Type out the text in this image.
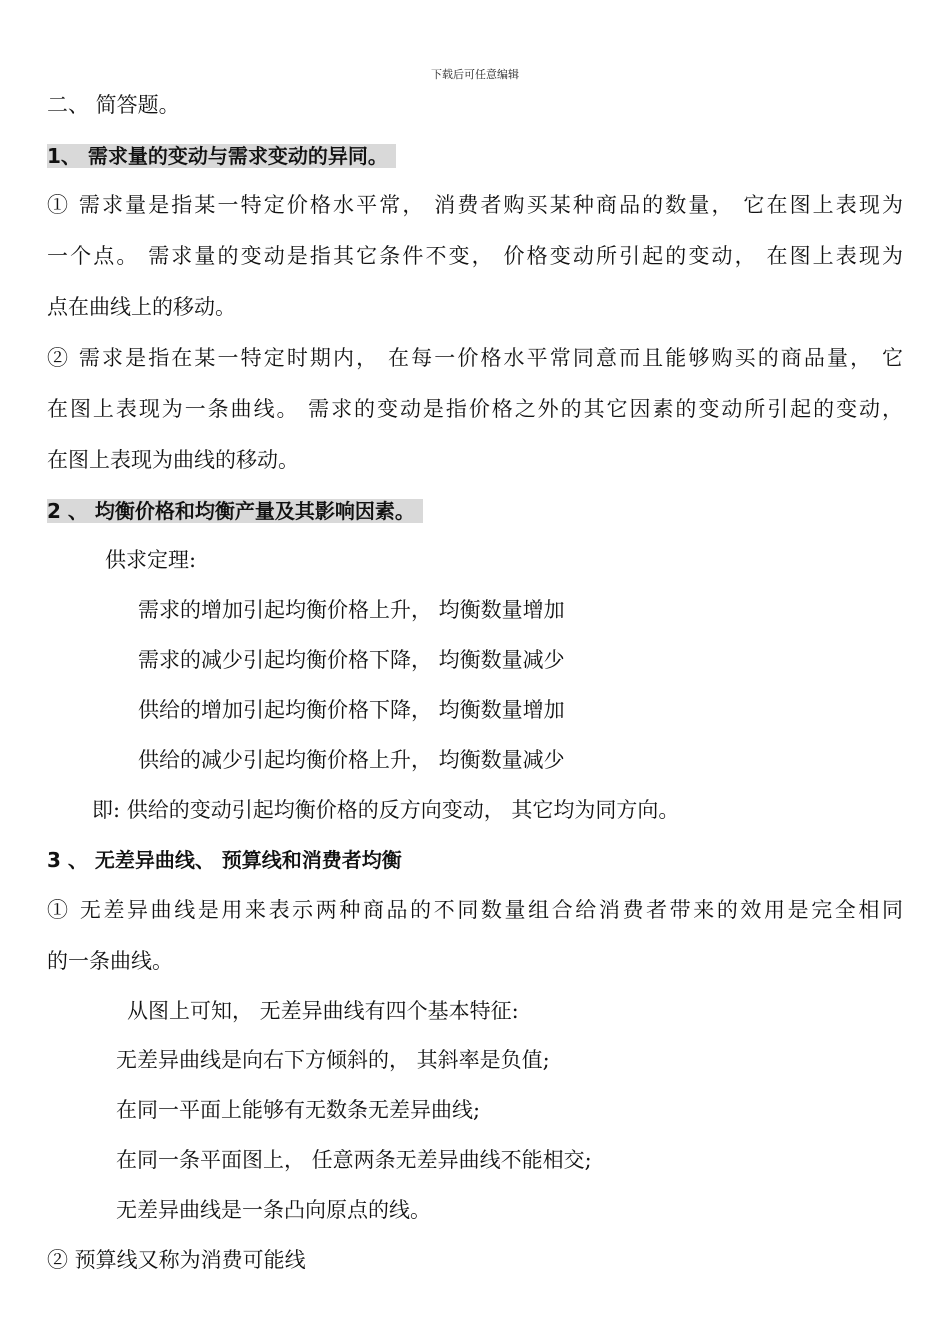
下载后可任意编辑
二、 简答题。
1、 需求量的变动与需求变动的异同。
① 需求量是指某一特定价格水平常， 消费者购买某种商品的数量， 它在图上表现为
一个点。 需求量的变动是指其它条件不变， 价格变动所引起的变动， 在图上表现为
点在曲线上的移动。
② 需求是指在某一特定时期内， 在每一价格水平常同意而且能够购买的商品量， 它
在图上表现为一条曲线。 需求的变动是指价格之外的其它因素的变动所引起的变动，
在图上表现为曲线的移动。
2 、 均衡价格和均衡产量及其影响因素。
供求定理:
需求的增加引起均衡价格上升， 均衡数量增加
需求的减少引起均衡价格下降， 均衡数量减少
供给的增加引起均衡价格下降， 均衡数量增加
供给的减少引起均衡价格上升， 均衡数量减少
即: 供给的变动引起均衡价格的反方向变动， 其它均为同方向。
3 、 无差异曲线、 预算线和消费者均衡
① 无差异曲线是用来表示两种商品的不同数量组合给消费者带来的效用是完全相同
的一条曲线。
从图上可知， 无差异曲线有四个基本特征:
无差异曲线是向右下方倾斜的， 其斜率是负值;
在同一平面上能够有无数条无差异曲线;
在同一条平面图上， 任意两条无差异曲线不能相交;
无差异曲线是一条凸向原点的线。
② 预算线又称为消费可能线
